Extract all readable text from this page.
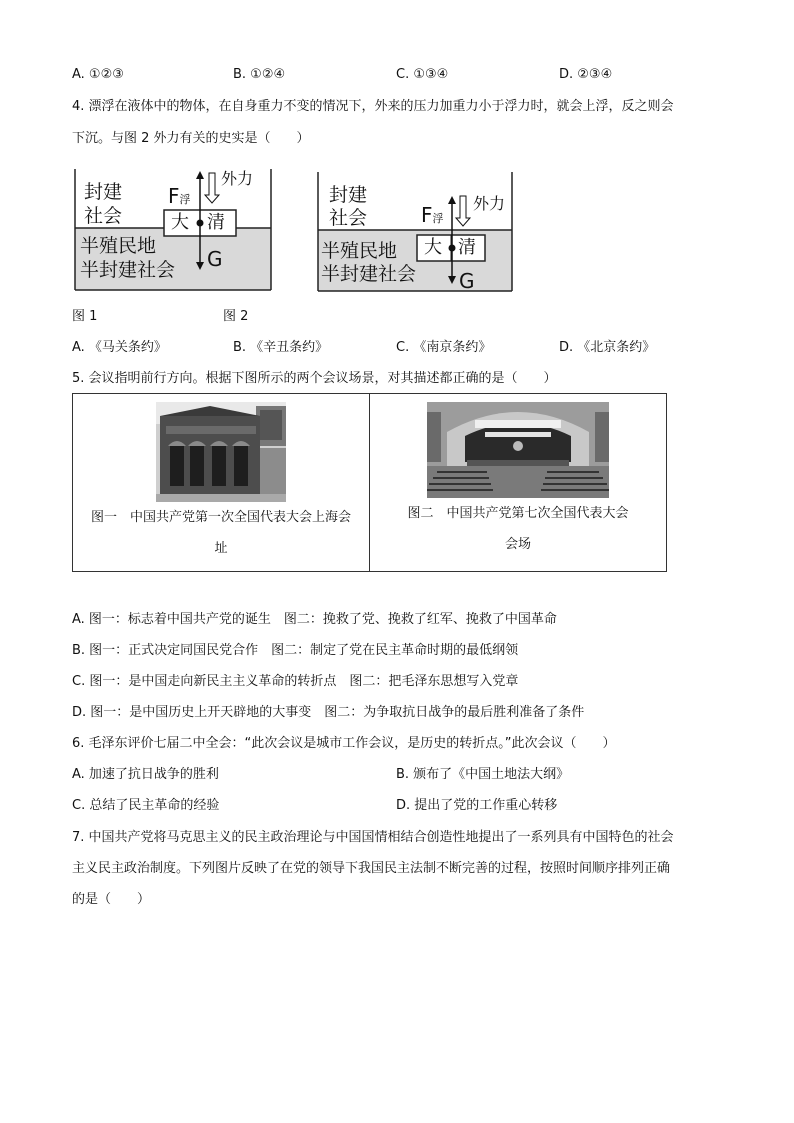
A. ①②③	B. ①②④	C. ①③④	D. ②③④
4. 漂浮在液体中的物体，在自身重力不变的情况下，外来的压力加重力小于浮力时，就会上浮，反之则会
下沉。与图 2 外力有关的史实是（　　）
封建
社会
半殖民地
半封建社会
F浮
外力
G
大 清
封建
社会
半殖民地
半封建社会
F浮
外力
G
大 清
图 1	图 2
A. 《马关条约》	B. 《辛丑条约》	C. 《南京条约》	D. 《北京条约》
5. 会议指明前行方向。根据下图所示的两个会议场景，对其描述都正确的是（　　）
图一　中国共产党第一次全国代表大会上海会
址

图二　中国共产党第七次全国代表大会
会场
A. 图一：标志着中国共产党的诞生　图二：挽救了党、挽救了红军、挽救了中国革命
B. 图一：正式决定同国民党合作　图二：制定了党在民主革命时期的最低纲领
C. 图一：是中国走向新民主主义革命的转折点　图二：把毛泽东思想写入党章
D. 图一：是中国历史上开天辟地的大事变　图二：为争取抗日战争的最后胜利准备了条件
6. 毛泽东评价七届二中全会：“此次会议是城市工作会议，是历史的转折点。”此次会议（　　）
A. 加速了抗日战争的胜利	B. 颁布了《中国土地法大纲》
C. 总结了民主革命的经验	D. 提出了党的工作重心转移
7. 中国共产党将马克思主义的民主政治理论与中国国情相结合创造性地提出了一系列具有中国特色的社会
主义民主政治制度。下列图片反映了在党的领导下我国民主法制不断完善的过程，按照时间顺序排列正确
的是（　　）
